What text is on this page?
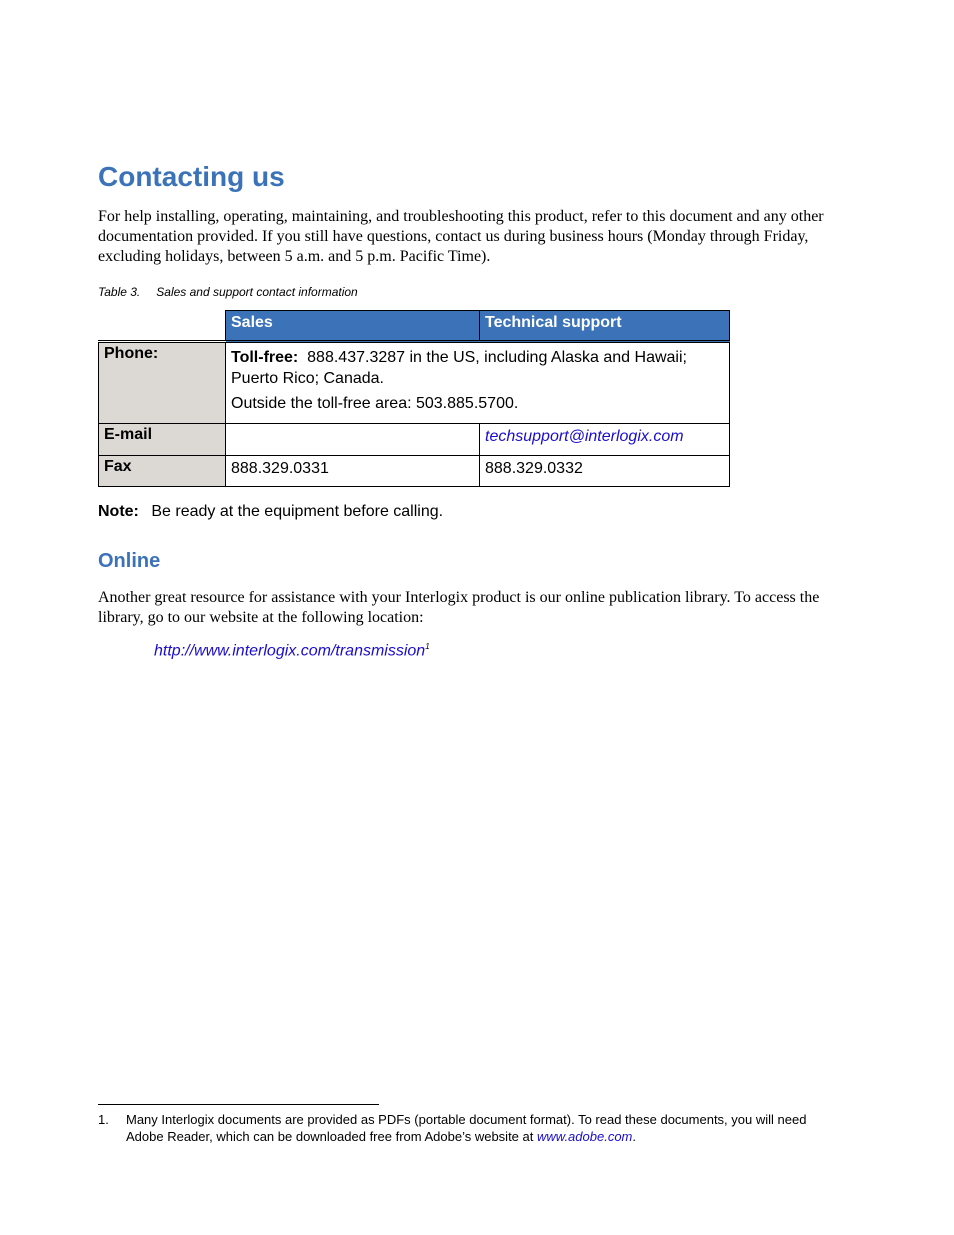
Contacting us

For help installing, operating, maintaining, and troubleshooting this product, refer to this document and any other documentation provided. If you still have questions, contact us during business hours (Monday through Friday, excluding holidays, between 5 a.m. and 5 p.m. Pacific Time).

Table 3. Sales and support contact information

	Sales	Technical support
Phone:	Toll-free: 888.437.3287 in the US, including Alaska and Hawaii; Puerto Rico; Canada.
Outside the toll-free area: 503.885.5700.	

E-mail		techsupport@interlogix.com
Fax	888.329.0331	888.329.0332

Note: Be ready at the equipment before calling.

Online

Another great resource for assistance with your Interlogix product is our online publication library. To access the library, go to our website at the following location:

http://www.interlogix.com/transmission$^1$

1. Many Interlogix documents are provided as PDFs (portable document format). To read these documents, you will need Adobe Reader, which can be downloaded free from Adobe’s website at www.adobe.com.
